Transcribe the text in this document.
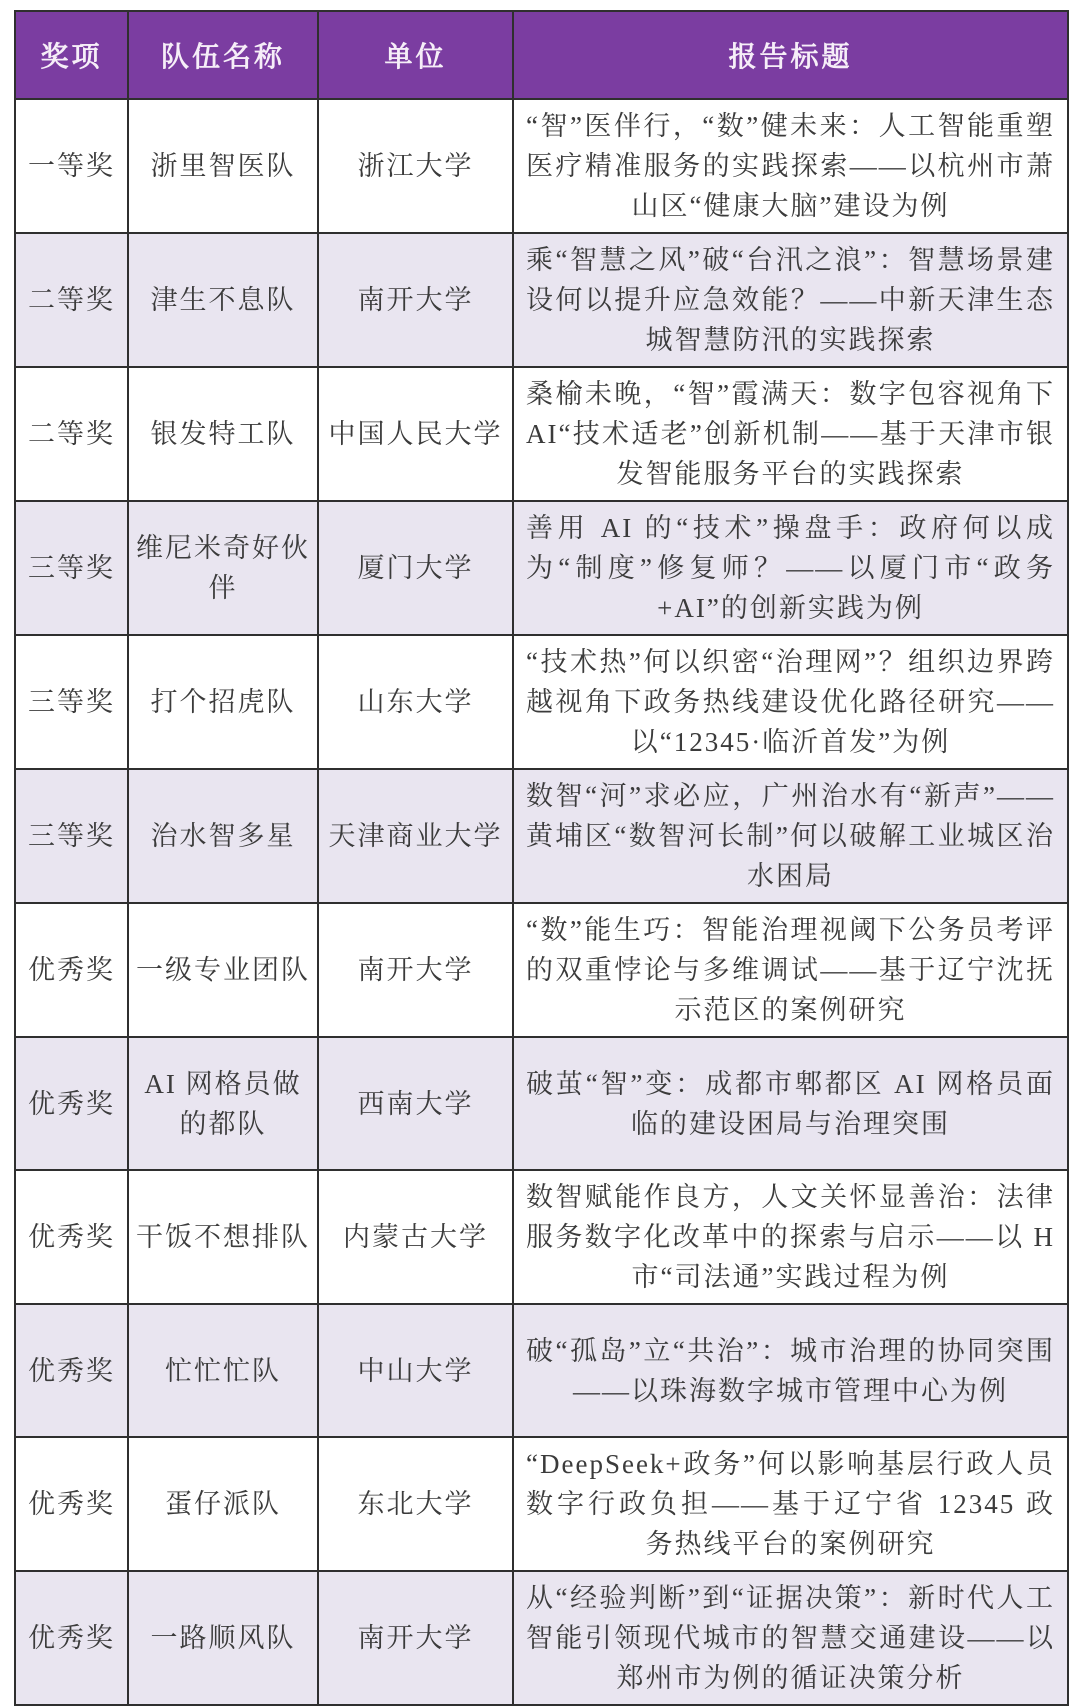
奖项	队伍名称	单位	报告标题
一等奖	浙里智医队	浙江大学	“智”医伴行，“数”健未来：人工智能重塑医疗精准服务的实践探索——以杭州市萧山区“健康大脑”建设为例
二等奖	津生不息队	南开大学	乘“智慧之风”破“台汛之浪”：智慧场景建设何以提升应急效能？——中新天津生态城智慧防汛的实践探索
二等奖	银发特工队	中国人民大学	桑榆未晚，“智”霞满天：数字包容视角下 AI“技术适老”创新机制——基于天津市银发智能服务平台的实践探索
三等奖	维尼米奇好伙伴	厦门大学	善用 AI 的“技术”操盘手：政府何以成为“制度”修复师？——以厦门市“政务+AI”的创新实践为例
三等奖	打个招虎队	山东大学	“技术热”何以织密“治理网”？组织边界跨越视角下政务热线建设优化路径研究——以“12345·临沂首发”为例
三等奖	治水智多星	天津商业大学	数智“河”求必应，广州治水有“新声”——黄埔区“数智河长制”何以破解工业城区治水困局
优秀奖	一级专业团队	南开大学	“数”能生巧：智能治理视阈下公务员考评的双重悖论与多维调试——基于辽宁沈抚示范区的案例研究
优秀奖	AI 网格员做的都队	西南大学	破茧“智”变：成都市郫都区 AI 网格员面临的建设困局与治理突围
优秀奖	干饭不想排队	内蒙古大学	数智赋能作良方，人文关怀显善治：法律服务数字化改革中的探索与启示——以 H 市“司法通”实践过程为例
优秀奖	忙忙忙队	中山大学	破“孤岛”立“共治”：城市治理的协同突围——以珠海数字城市管理中心为例
优秀奖	蛋仔派队	东北大学	“DeepSeek+政务”何以影响基层行政人员数字行政负担——基于辽宁省 12345 政务热线平台的案例研究
优秀奖	一路顺风队	南开大学	从“经验判断”到“证据决策”：新时代人工智能引领现代城市的智慧交通建设——以郑州市为例的循证决策分析
